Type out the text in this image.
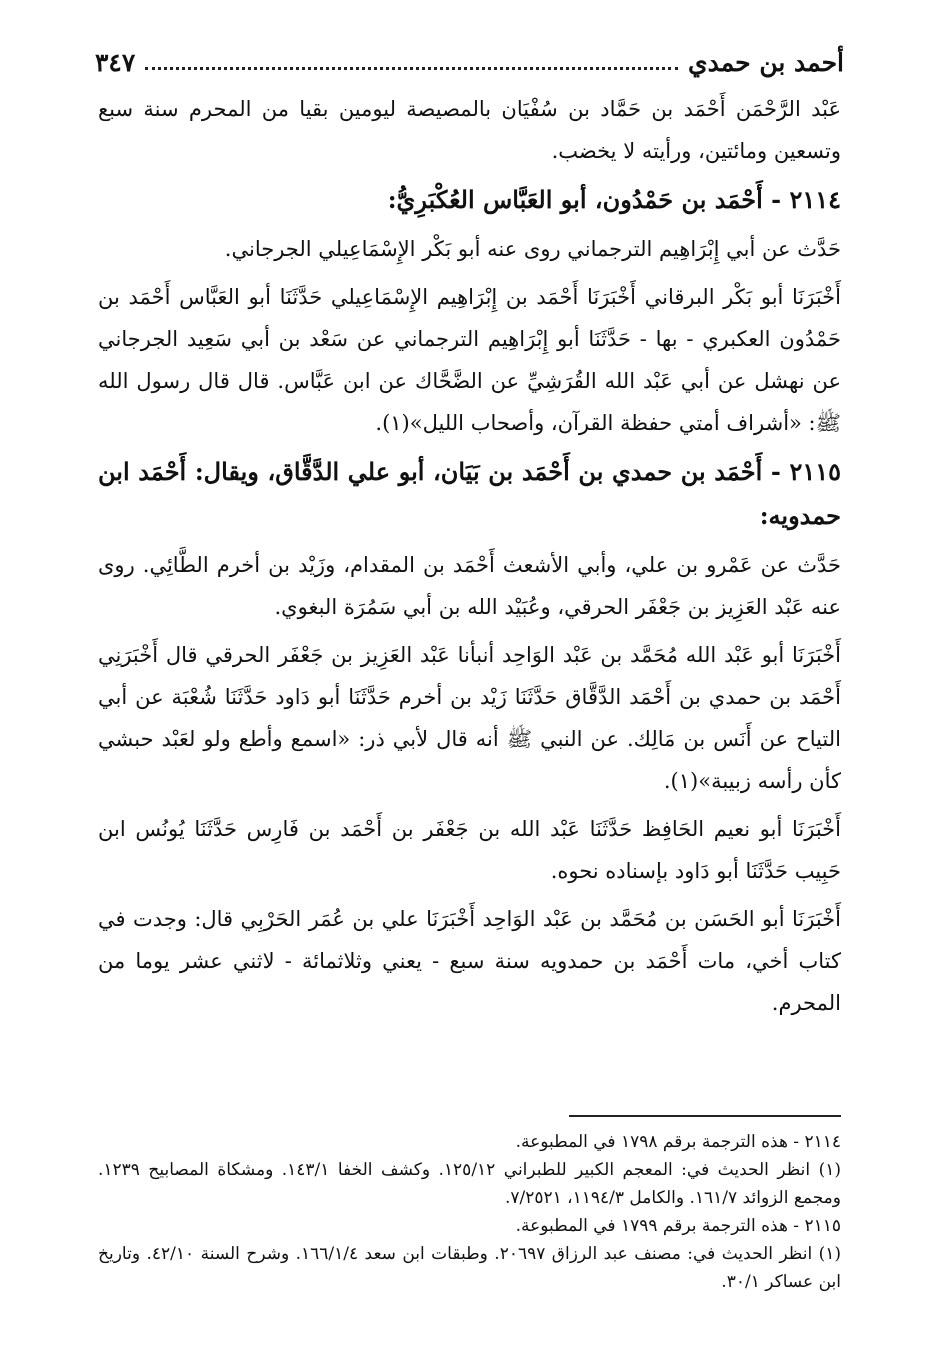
أحمد بن حمدي
٣٤٧

عَبْد الرَّحْمَن أَحْمَد بن حَمَّاد بن سُفْيَان بالمصيصة ليومين بقيا من المحرم سنة سبع وتسعين ومائتين، ورأيته لا يخضب.

٢١١٤ - أَحْمَد بن حَمْدُون، أبو العَبَّاس العُكْبَرِيُّ:

حَدَّث عن أبي إِبْرَاهِيم الترجماني روى عنه أبو بَكْر الإِسْمَاعِيلي الجرجاني.

أَخْبَرَنَا أبو بَكْر البرقاني أَخْبَرَنَا أَحْمَد بن إِبْرَاهِيم الإِسْمَاعِيلي حَدَّثَنَا أبو العَبَّاس أَحْمَد بن حَمْدُون العكبري - بها - حَدَّثَنَا أبو إِبْرَاهِيم الترجماني عن سَعْد بن أبي سَعِيد الجرجاني عن نهشل عن أبي عَبْد الله القُرَشِيِّ عن الضَّحَّاك عن ابن عَبَّاس. قال قال رسول الله ﷺ: «أشراف أمتي حفظة القرآن، وأصحاب الليل»(١).

٢١١٥ - أَحْمَد بن حمدي بن أَحْمَد بن بَيَان، أبو علي الدَّقَّاق، ويقال: أَحْمَد ابن حمدويه:

حَدَّث عن عَمْرو بن علي، وأبي الأشعث أَحْمَد بن المقدام، وزَيْد بن أخرم الطَّائِي. روى عنه عَبْد العَزِيز بن جَعْفَر الحرقي، وعُبَيْد الله بن أبي سَمُرَة البغوي.

أَخْبَرَنَا أبو عَبْد الله مُحَمَّد بن عَبْد الوَاحِد أنبأنا عَبْد العَزِيز بن جَعْفَر الحرقي قال أَخْبَرَنِي أَحْمَد بن حمدي بن أَحْمَد الدَّقَّاق حَدَّثَنَا زَيْد بن أخرم حَدَّثَنَا أبو دَاود حَدَّثَنَا شُعْبَة عن أبي التياح عن أَنَس بن مَالِك. عن النبي ﷺ أنه قال لأبي ذر: «اسمع وأطع ولو لعَبْد حبشي كأن رأسه زبيبة»(١).

أَخْبَرَنَا أبو نعيم الحَافِظ حَدَّثَنَا عَبْد الله بن جَعْفَر بن أَحْمَد بن فَارِس حَدَّثَنَا يُونُس ابن حَبِيب حَدَّثَنَا أبو دَاود بإسناده نحوه.

أَخْبَرَنَا أبو الحَسَن بن مُحَمَّد بن عَبْد الوَاحِد أَخْبَرَنَا علي بن عُمَر الحَرْبِي قال: وجدت في كتاب أخي، مات أَحْمَد بن حمدويه سنة سبع - يعني وثلاثمائة - لاثني عشر يوما من المحرم.

٢١١٤ - هذه الترجمة برقم ١٧٩٨ في المطبوعة.

(١) انظر الحديث في: المعجم الكبير للطبراني ١٢٥/١٢. وكشف الخفا ١٤٣/١. ومشكاة المصابيح ١٢٣٩. ومجمع الزوائد ١٦١/٧. والكامل ١١٩٤/٣، ٧/٢٥٢١.

٢١١٥ - هذه الترجمة برقم ١٧٩٩ في المطبوعة.

(١) انظر الحديث في: مصنف عبد الرزاق ٢٠٦٩٧. وطبقات ابن سعد ١٦٦/١/٤. وشرح السنة ٤٢/١٠. وتاريخ ابن عساكر ٣٠/١.
